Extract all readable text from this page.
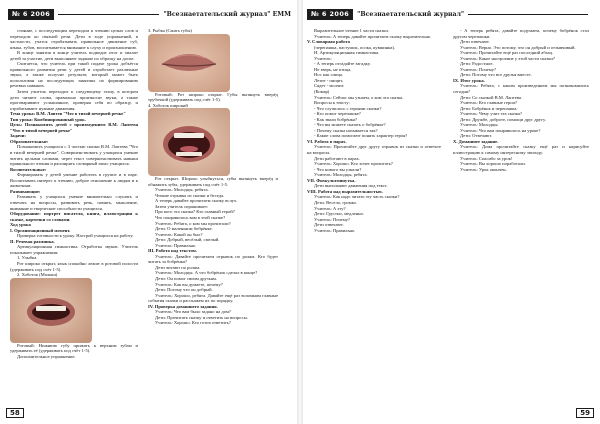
№ 6 2006	"Всезнаетательский журнал" ЕММ

стояние, с последующим переходом к чтению целых слов и переходом ко связной речи. Дети в ходе упражнений, в частности, учатся отрабатывать правильное движение губ, языка, зубов, воспитывается внимание к слуху и произношению.

В конце занятия в конце учитель подводит итог и хвалит детей за участие, дети выполняют задание по образцу на доске.

Считается, что учитель при такой подаче урока добьётся правильного развития речи у детей и отработает различные звуки, а также получит результат, который может быть использован на последующих занятиях по формированию речевых навыков.

Затем учитель переходит к следующему этапу, в котором дети читают слова, правильно произносят звуки, а также проговаривают услышанное, проверяя себя по образцу, и отрабатывают нужные движения.

Тема урока: В.М. Лаптев "Что в тихой вечерней речке"

Тип урока: Комбинированный урок.

Цель: Познакомить детей с произведением В.М. Лаптева "Что в тихой вечерней речке"

Задачи:

Образовательные:

Познакомить учащихся с 3 частью сказки В.М. Лаптева "Что в тихой вечерней речке". Совершенствовать у учащихся умение читать целыми словами, через текст совершенствовать навыки правильного чтения и расширять словарный запас учащихся.

Воспитательные:

Формировать у детей умение работать в группе и в паре. Воспитывать интерес к чтению, доброе отношение к людям и к животным.

Развивающие:

Развивать у учащихся умение внимательно слушать и отвечать на вопросы, развивать речь, память, мышление, внимание и творческие способности учащихся.

Оборудование: портрет писателя, книга, иллюстрации к сказке, карточки со словами.

Ход урока

I. Организационный момент.

Проверка готовности к уроку. Настрой учащихся на работу.

II. Речевая разминка.

Артикуляционная гимнастика. Отработка звуков. Учитель показывает упражнения:

1. Улыбка.

Рот широко открыт, язык спокойно лежит в ротовой полости (удерживать под счёт 1-5).

2. Хоботок (Малыш)

Ротовый: Нижнюю губу прижать к верхним зубам и удерживать её (удерживать под счёт 1-5).

Дополнительное упражнение.

3. Рыбка (Сжать губы)

Ротовый: Рот широко открыт. Губы вытянуть вперёд трубочкой (удерживать под счёт 1-5).

4. Хоботок широкий

Рот открыт. Широко улыбнуться, губы вытянуть вперёд и обнажить зубы, удерживать под счёт 1-5.

Учитель: Молодцы, ребята.

Чтение отрывка из сказки и беседа.

А теперь давайте прочитаем сказку вслух.

Затем учитель спрашивает:

Про кого эта сказка? Кто главный герой?

Что понравилось вам в этой сказке?

Учитель: Ребята, о ком мы прочитали?

Дети: О маленьком бобрёнке.

Учитель: Какой он был?

Дети: Добрый, весёлый, смелый.

Учитель: Правильно.

III. Работа над текстом.

Учитель: Давайте прочитаем отрывок по ролям. Кто будет читать за бобрёнка?

Дети читают по ролям.

Учитель: Молодцы. А что бобрёнок сделал в конце?

Дети: Он помог своим друзьям.

Учитель: Как вы думаете, почему?

Дети: Потому что он добрый.

Учитель: Хорошо, ребята. Давайте ещё раз вспомним главные события сказки и расскажем их по порядку.

IV. Проверка домашнего задания.

Учитель: Что вам было задано на дом?

Дети: Прочитать сказку и ответить на вопросы.

Учитель: Хорошо. Кто готов ответить?

58
№ 6 2006	"Всезнаетательский журнал"

Выразительное чтение 1 части сказки.

Учитель: А теперь давайте прочитаем сказку выразительно.

V. Словарная работа

(черепашка, пастушок, осока, кувшинка).

Н. Артикуляционная гимнастика.

Учитель:

- А теперь отгадайте загадку.

Не зверь, не птица,

Нос как спица.

Летит - пищит,

Сядет - молчит.

(Комар)

Учитель: Сейчас мы узнаем, о ком эта сказка.

Вопросы к тексту:

- Что случилось с героями сказки?

- Кто помог черепашке?

- Как звали бобрёнка?

- Что вы можете сказать о бобрёнке?

- Почему сказка называется так?

- Какие слова помогают понять характер героя?

VI. Работа в парах.

Учитель: Прочитайте друг другу отрывок из сказки и ответьте на вопросы.

Дети работают в парах.

Учитель: Хорошо. Кто хочет прочитать?

- Что нового вы узнали?

Учитель: Молодцы, ребята.

VII. Физкультминутка.

Дети выполняют движения под текст.

VIII. Работа над выразительностью.

Учитель: Как надо читать эту часть сказки?

Дети: Весело, громко.

Учитель: А эту?

Дети: Грустно, медленно.

Учитель: Почему?

Дети отвечают.

Учитель: Правильно.

- А теперь ребята, давайте подумаем, почему бобрёнок стал другом черепашки.

Дети отвечают.

Учитель: Верно. Это потому, что он добрый и отзывчивый.

Учитель: Прочитайте ещё раз последний абзац.

Учитель: Какое настроение у этой части сказки?

Дети: Радостное.

Учитель: Почему?

Дети: Потому что все друзья вместе.

IX. Итог урока.

Учитель: Ребята, с каким произведением мы познакомились сегодня?

Дети: Со сказкой В.М. Лаптева.

Учитель: Кто главные герои?

Дети: Бобрёнок и черепашка.

Учитель: Чему учит эта сказка?

Дети: Дружбе, доброте, помощи друг другу.

Учитель: Молодцы.

Учитель: Что вам понравилось на уроке?

Дети: Отвечают.

X. Домашнее задание.

Учитель: Дома прочитайте сказку ещё раз и нарисуйте иллюстрацию к самому интересному эпизоду.

Учитель: Спасибо за урок!

Учитель: Вы хорошо поработали.

Учитель: Урок окончен.

59
